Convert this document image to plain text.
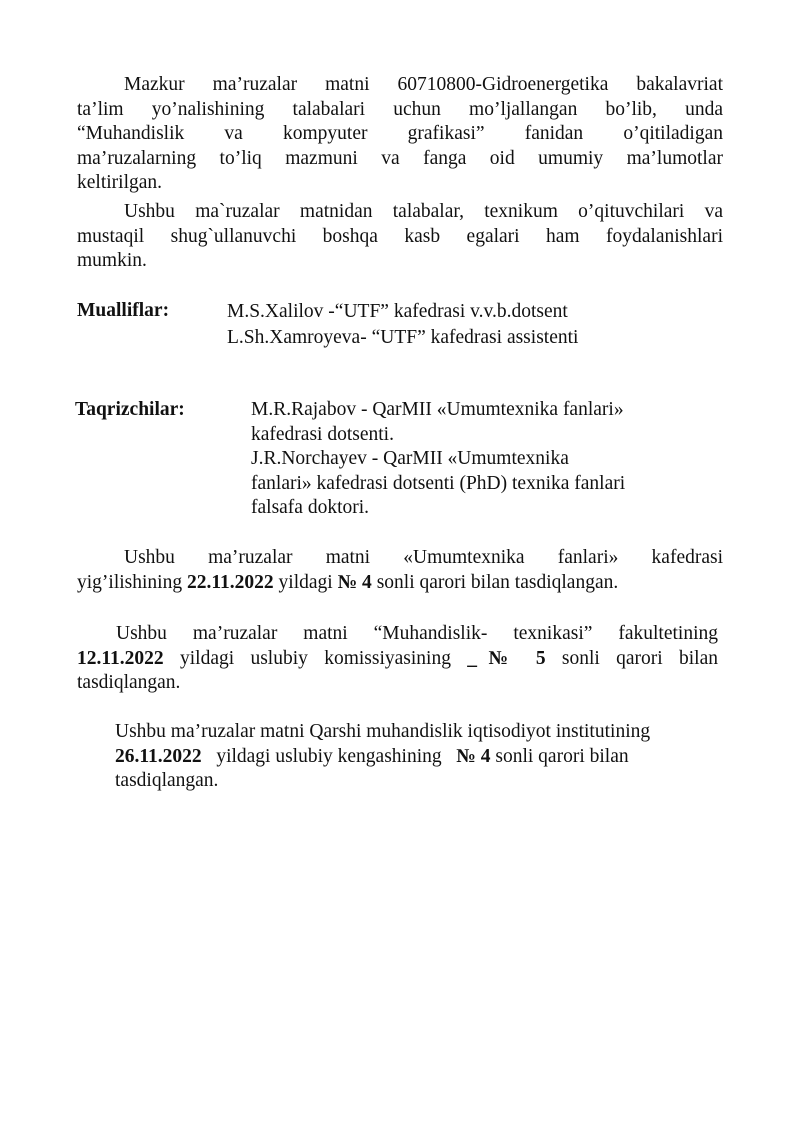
Mazkur ma’ruzalar matni 60710800-Gidroenergetika bakalavriat
ta’lim yo’nalishining talabalari uchun mo’ljallangan bo’lib, unda
“Muhandislik va kompyuter grafikasi” fanidan o’qitiladigan
ma’ruzalarning to’liq mazmuni va fanga oid umumiy ma’lumotlar
keltirilgan.
Ushbu ma`ruzalar matnidan talabalar, texnikum o’qituvchilari va
mustaqil shug`ullanuvchi boshqa kasb egalari ham foydalanishlari
mumkin.
Mualliflar:	M.S.Xalilov -“UTF” kafedrasi v.v.b.dotsent
L.Sh.Xamroyeva- “UTF” kafedrasi assistenti
Taqrizchilar:	M.R.Rajabov - QarMII «Umumtexnika fanlari»
kafedrasi dotsenti.
J.R.Norchayev - QarMII «Umumtexnika
fanlari» kafedrasi dotsenti (PhD) texnika fanlari
falsafa doktori.
Ushbu ma’ruzalar matni «Umumtexnika fanlari» kafedrasi
yig’ilishining 22.11.2022 yildagi № 4 sonli qarori bilan tasdiqlangan.
Ushbu ma’ruzalar matni “Muhandislik- texnikasi” fakultetining
12.11.2022 yildagi uslubiy komissiyasining _№ 5 sonli qarori bilan
tasdiqlangan.
Ushbu ma’ruzalar matni Qarshi muhandislik iqtisodiyot institutining
26.11.2022   yildagi uslubiy kengashining   № 4 sonli qarori bilan
tasdiqlangan.
